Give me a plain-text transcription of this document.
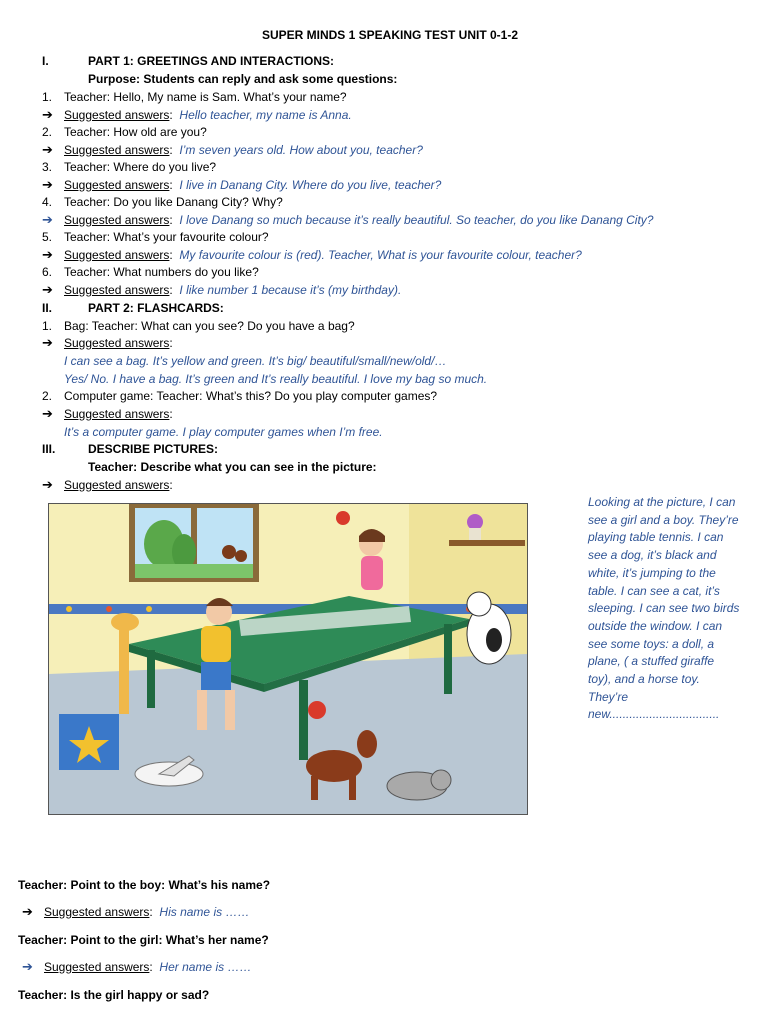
SUPER MINDS 1 SPEAKING TEST UNIT 0-1-2
I.	PART 1: GREETINGS AND INTERACTIONS:
Purpose: Students can reply and ask some questions:
1. Teacher: Hello, My name is Sam. What’s your name?
➔ Suggested answers:  Hello teacher, my name is Anna.
2. Teacher: How old are you?
➔ Suggested answers:  I’m seven years old. How about you, teacher?
3. Teacher: Where do you live?
➔ Suggested answers:  I live in Danang City. Where do you live, teacher?
4. Teacher: Do you like Danang City? Why?
➔ Suggested answers:  I love Danang so much because it’s really beautiful. So teacher, do you like Danang City?
5. Teacher: What’s your favourite colour?
➔ Suggested answers:  My favourite colour is (red). Teacher, What is your favourite colour, teacher?
6. Teacher: What numbers do you like?
➔ Suggested answers:  I like number 1 because it’s (my birthday).
II.	PART 2: FLASHCARDS:
1. Bag: Teacher: What can you see? Do you have a bag?
➔ Suggested answers:
I can see a bag. It’s yellow and green. It’s big/ beautiful/small/new/old/…
Yes/ No. I have a bag. It’s green and It’s really beautiful. I love my bag so much.
2. Computer game: Teacher: What’s this? Do you play computer games?
➔ Suggested answers:
It’s a computer game. I play computer games when I’m free.
III.	DESCRIBE PICTURES:
Teacher: Describe what you can see in the picture:
➔ Suggested answers:
Looking at the picture, I can see a girl and a boy. They’re playing table tennis. I can see a dog, it’s black and white, it’s jumping to the table. I can see a cat, it’s sleeping. I can see two birds outside the window. I can see some toys: a doll, a plane, ( a stuffed giraffe toy), and a horse toy. They’re new.................................
Teacher: Point to the boy: What’s his name?
➔ Suggested answers:  His name is ……
Teacher: Point to the girl: What’s her name?
➔ Suggested answers:  Her name is ……
Teacher: Is the girl happy or sad?
